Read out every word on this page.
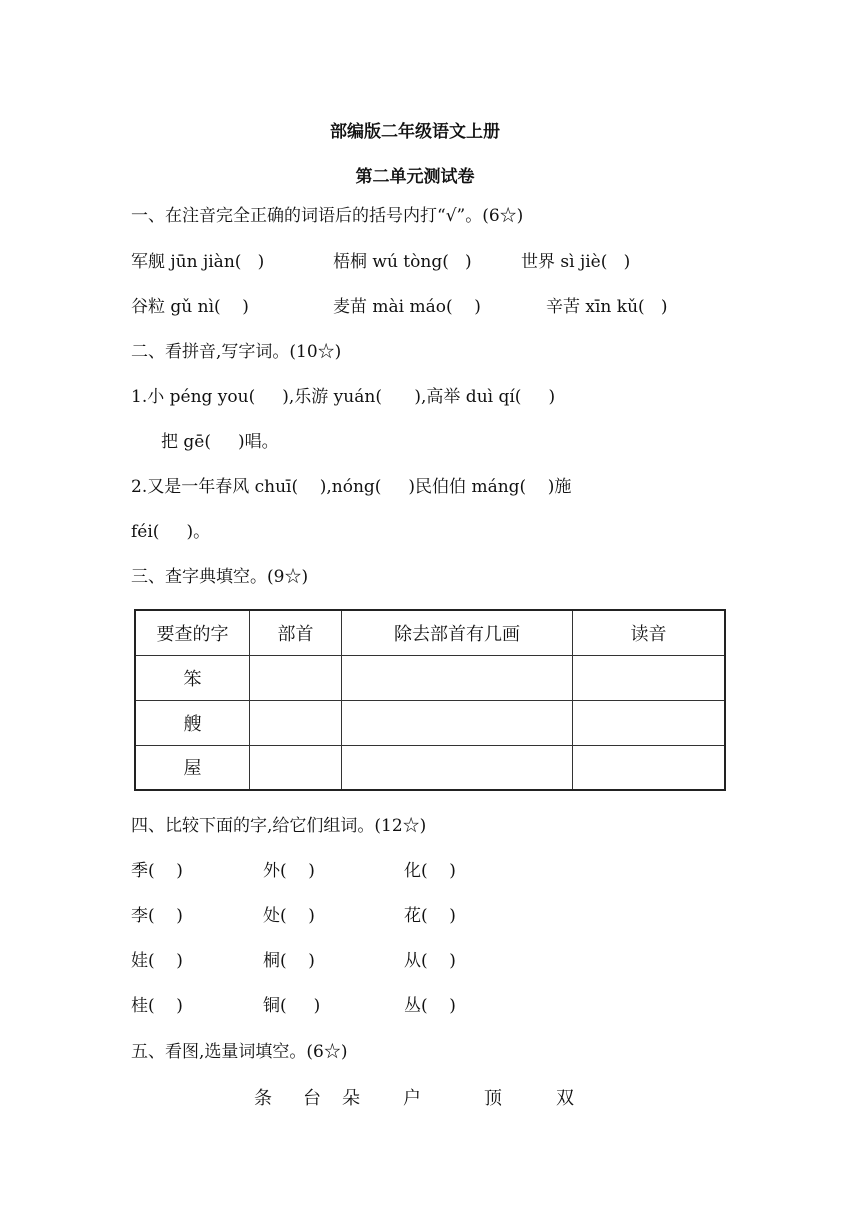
部编版二年级语文上册
第二单元测试卷
一、在注音完全正确的词语后的括号内打“√”。(6☆)
军舰 jūn jiàn(   )	梧桐 wú tòng(   )	世界 sì jiè(   )
谷粒 gǔ nì(    )	麦苗 mài máo(    )	辛苦 xīn kǔ(   )
二、看拼音,写字词。(10☆)
1.小 péng you(     ),乐游 yuán(      ),高举 duì qí(     )
把 gē(     )唱。
2.又是一年春风 chuī(    ),nóng(     )民伯伯 máng(    )施
féi(     )。
三、查字典填空。(9☆)
要查的字	部首	除去部首有几画	读音
笨			
艘			
屋			
四、比较下面的字,给它们组词。(12☆)
季(    )	外(    )	化(    )
李(    )	处(    )	花(    )
娃(    )	桐(    )	从(    )
桂(    )	铜(     )	丛(    )
五、看图,选量词填空。(6☆)
条 台 朵 户	顶	双
